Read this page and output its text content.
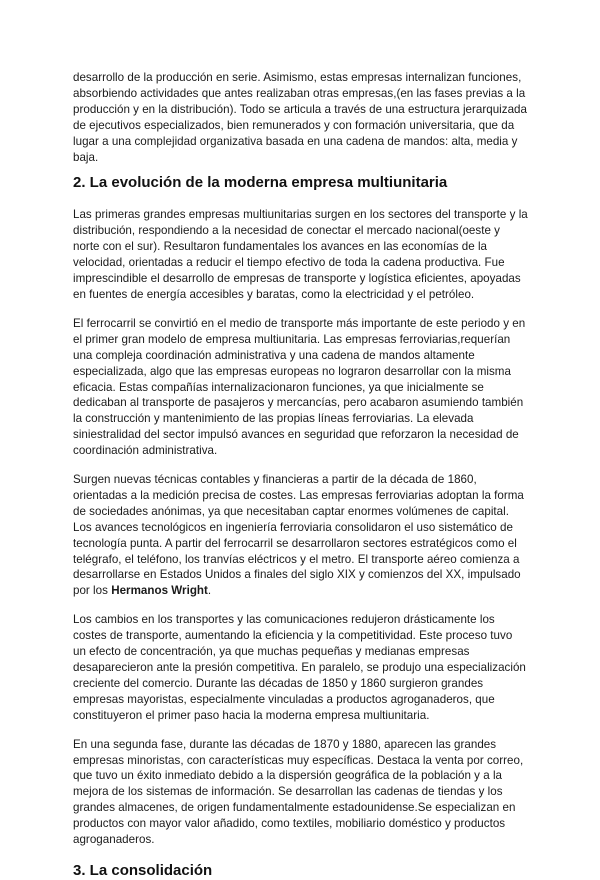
desarrollo de la producción en serie. Asimismo, estas empresas internalizan funciones, absorbiendo actividades que antes realizaban otras empresas,(en las fases previas a la producción y en la distribución). Todo se articula a través de una estructura jerarquizada de ejecutivos especializados, bien remunerados y con formación universitaria, que da lugar a una complejidad organizativa basada en una cadena de mandos: alta, media y baja.

2. La evolución de la moderna empresa multiunitaria

Las primeras grandes empresas multiunitarias surgen en los sectores del transporte y la distribución, respondiendo a la necesidad de conectar el mercado nacional(oeste y norte con el sur). Resultaron fundamentales los avances en las economías de la velocidad, orientadas a reducir el tiempo efectivo de toda la cadena productiva. Fue imprescindible el desarrollo de empresas de transporte y logística eficientes, apoyadas en fuentes de energía accesibles y baratas, como la electricidad y el petróleo.

El ferrocarril se convirtió en el medio de transporte más importante de este periodo y en el primer gran modelo de empresa multiunitaria. Las empresas ferroviarias,requerían una compleja coordinación administrativa y una cadena de mandos altamente especializada, algo que las empresas europeas no lograron desarrollar con la misma eficacia. Estas compañías internalizacionaron funciones, ya que inicialmente se dedicaban al transporte de pasajeros y mercancías, pero acabaron asumiendo también la construcción y mantenimiento de las propias líneas ferroviarias. La elevada siniestralidad del sector impulsó avances en seguridad que reforzaron la necesidad de coordinación administrativa.

Surgen nuevas técnicas contables y financieras a partir de la década de 1860, orientadas a la medición precisa de costes. Las empresas ferroviarias adoptan la forma de sociedades anónimas, ya que necesitaban captar enormes volúmenes de capital. Los avances tecnológicos en ingeniería ferroviaria consolidaron el uso sistemático de tecnología punta. A partir del ferrocarril se desarrollaron sectores estratégicos como el telégrafo, el teléfono, los tranvías eléctricos y el metro. El transporte aéreo comienza a desarrollarse en Estados Unidos a finales del siglo XIX y comienzos del XX, impulsado por los Hermanos Wright.

Los cambios en los transportes y las comunicaciones redujeron drásticamente los costes de transporte, aumentando la eficiencia y la competitividad. Este proceso tuvo un efecto de concentración, ya que muchas pequeñas y medianas empresas desaparecieron ante la presión competitiva. En paralelo, se produjo una especialización creciente del comercio. Durante las décadas de 1850 y 1860 surgieron grandes empresas mayoristas, especialmente vinculadas a productos agroganaderos, que constituyeron el primer paso hacia la moderna empresa multiunitaria.

En una segunda fase, durante las décadas de 1870 y 1880, aparecen las grandes empresas minoristas, con características muy específicas. Destaca la venta por correo, que tuvo un éxito inmediato debido a la dispersión geográfica de la población y a la mejora de los sistemas de información. Se desarrollan las cadenas de tiendas y los grandes almacenes, de origen fundamentalmente estadounidense.Se especializan en productos con mayor valor añadido, como textiles, mobiliario doméstico y productos agroganaderos.

3. La consolidación
